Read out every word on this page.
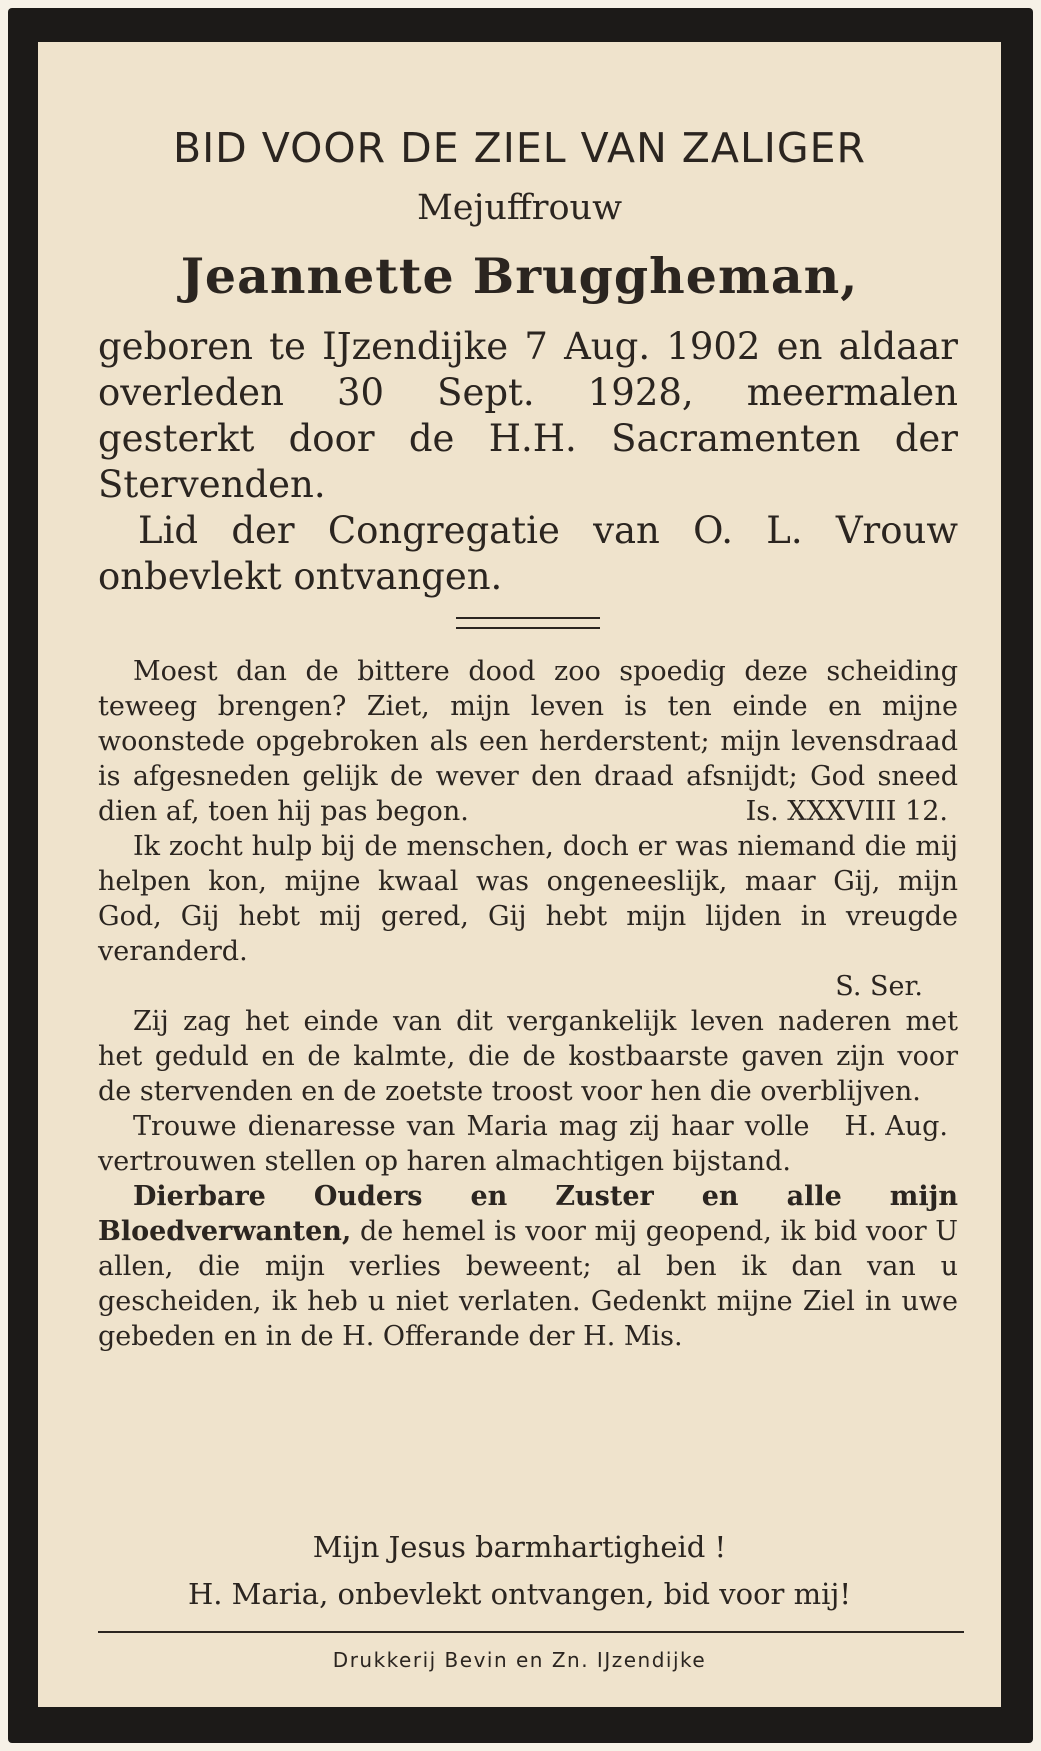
BID VOOR DE ZIEL VAN ZALIGER
Mejuffrouw
Jeannette Bruggheman,

geboren te IJzendijke 7 Aug. 1902 en aldaar overleden 30 Sept. 1928, meermalen gesterkt door de H.H. Sacramenten der Stervenden.

Lid der Congregatie van O. L. Vrouw onbevlekt ontvangen.

Moest dan de bittere dood zoo spoedig deze scheiding teweeg brengen? Ziet, mijn leven is ten einde en mijne woonstede opgebroken als een herderstent; mijn levensdraad is afgesneden gelijk de wever den draad afsnijdt; God sneed dien af, toen hij pas begon.	Is. XXXVIII 12.

Ik zocht hulp bij de menschen, doch er was niemand die mij helpen kon, mijne kwaal was ongeneeslijk, maar Gij, mijn God, Gij hebt mij gered, Gij hebt mijn lijden in vreugde veranderd.

S. Ser.

Zij zag het einde van dit vergankelijk leven naderen met het geduld en de kalmte, die de kostbaarste gaven zijn voor de stervenden en de zoetste troost voor hen die overblijven.
H. Aug.

Trouwe dienaresse van Maria mag zij haar volle vertrouwen stellen op haren almachtigen bijstand.

Dierbare Ouders en Zuster en alle mijn Bloedverwanten, de hemel is voor mij geopend, ik bid voor U allen, die mijn verlies beweent; al ben ik dan van u gescheiden, ik heb u niet verlaten. Gedenkt mijne Ziel in uwe gebeden en in de H. Offerande der H. Mis.

Mijn Jesus barmhartigheid !
H. Maria, onbevlekt ontvangen, bid voor mij!
Drukkerij Bevin en Zn. IJzendijke
